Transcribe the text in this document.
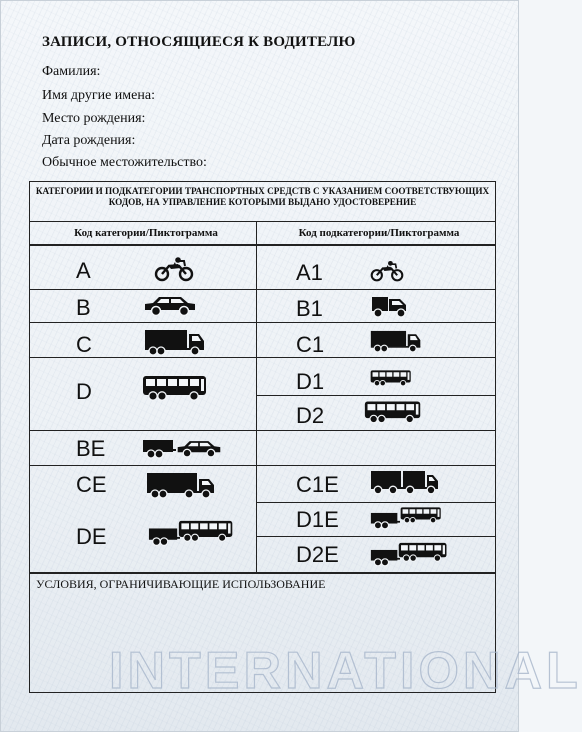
ЗАПИСИ, ОТНОСЯЩИЕСЯ К ВОДИТЕЛЮ
Фамилия:
Имя другие имена:
Место рождения:
Дата рождения:
Обычное местожительство:
КАТЕГОРИИ И ПОДКАТЕГОРИИ ТРАНСПОРТНЫХ СРЕДСТВ С УКАЗАНИЕМ СООТВЕТСТВУЮЩИХ КОДОВ, НА УПРАВЛЕНИЕ КОТОРЫМИ ВЫДАНО УДОСТОВЕРЕНИЕ
Код категории/Пиктограмма	Код подкатегории/Пиктограмма
A
B
C
D
BE
CE
DE
A1
B1
C1
D1
D2
C1E
D1E
D2E
УСЛОВИЯ, ОГРАНИЧИВАЮЩИЕ ИСПОЛЬЗОВАНИЕ
INTERNATIONAL
